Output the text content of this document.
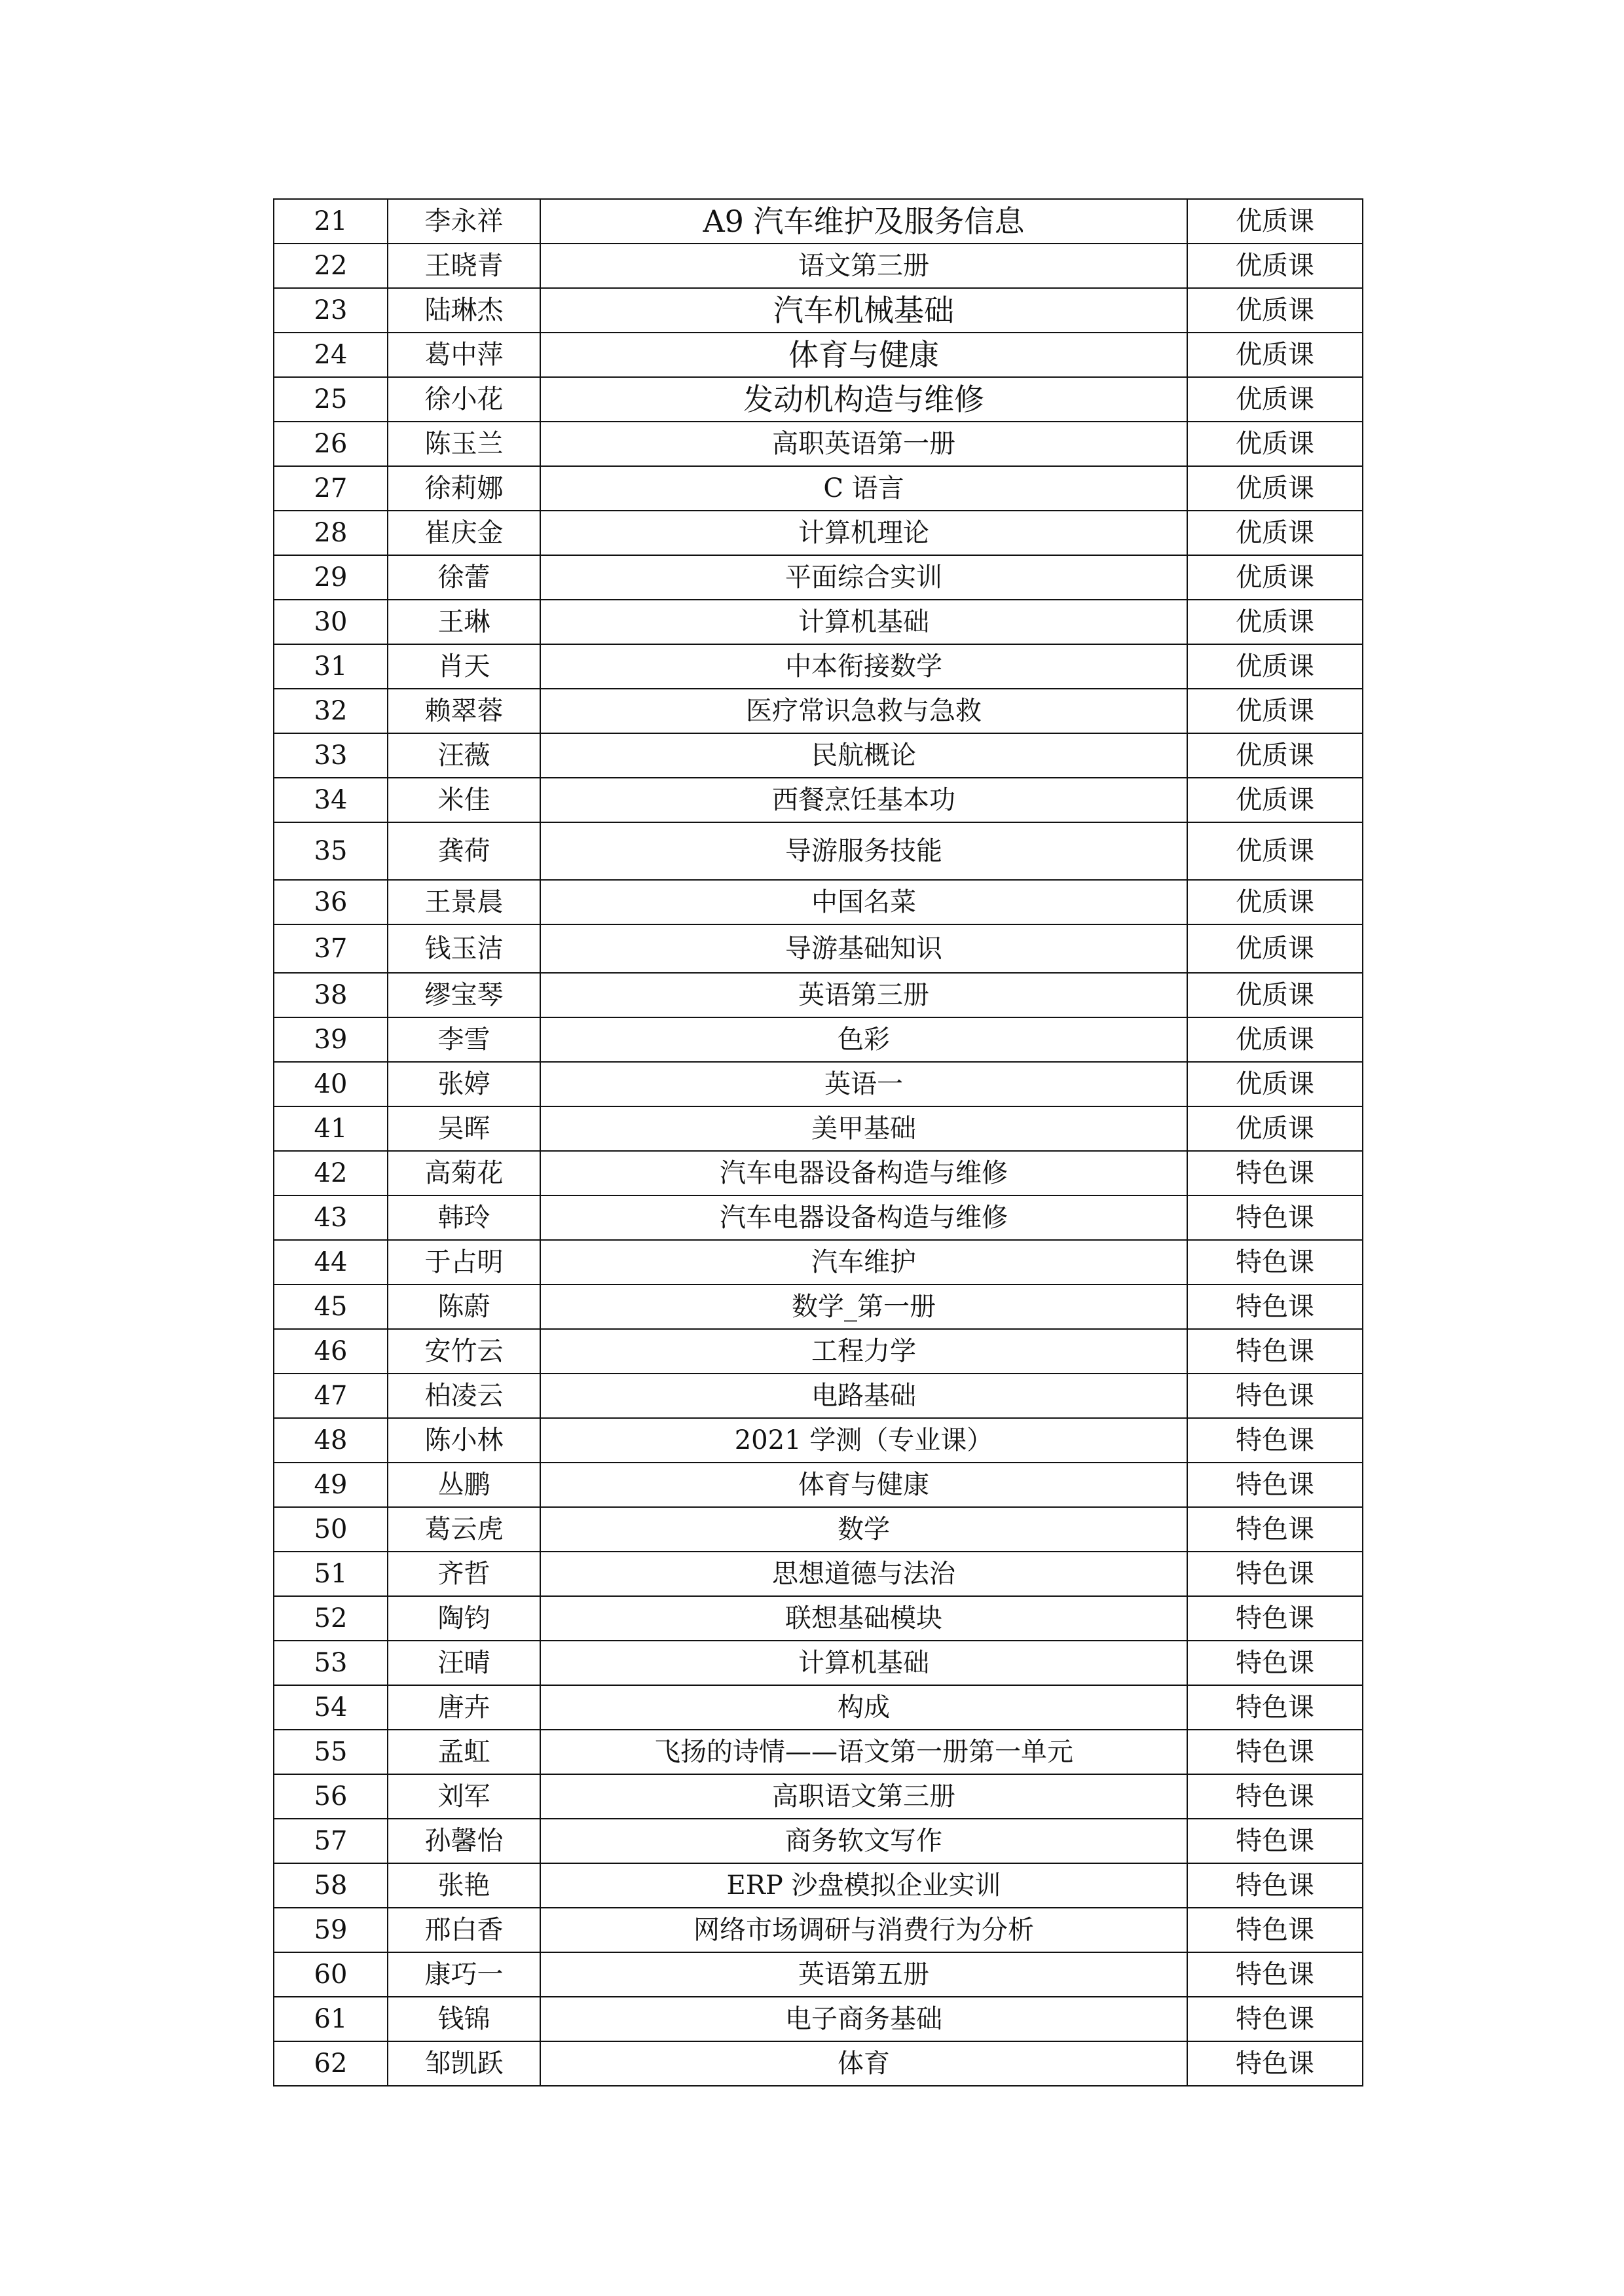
21	李永祥	A9 汽车维护及服务信息	优质课
22	王晓青	语文第三册	优质课
23	陆琳杰	汽车机械基础	优质课
24	葛中萍	体育与健康	优质课
25	徐小花	发动机构造与维修	优质课
26	陈玉兰	高职英语第一册	优质课
27	徐莉娜	C 语言	优质课
28	崔庆金	计算机理论	优质课
29	徐蕾	平面综合实训	优质课
30	王琳	计算机基础	优质课
31	肖天	中本衔接数学	优质课
32	赖翠蓉	医疗常识急救与急救	优质课
33	汪薇	民航概论	优质课
34	米佳	西餐烹饪基本功	优质课
35	龚荷	导游服务技能	优质课
36	王景晨	中国名菜	优质课
37	钱玉洁	导游基础知识	优质课
38	缪宝琴	英语第三册	优质课
39	李雪	色彩	优质课
40	张婷	英语一	优质课
41	吴晖	美甲基础	优质课
42	高菊花	汽车电器设备构造与维修	特色课
43	韩玲	汽车电器设备构造与维修	特色课
44	于占明	汽车维护	特色课
45	陈蔚	数学_第一册	特色课
46	安竹云	工程力学	特色课
47	柏凌云	电路基础	特色课
48	陈小林	2021 学测（专业课）	特色课
49	丛鹏	体育与健康	特色课
50	葛云虎	数学	特色课
51	齐哲	思想道德与法治	特色课
52	陶钧	联想基础模块	特色课
53	汪晴	计算机基础	特色课
54	唐卉	构成	特色课
55	孟虹	飞扬的诗情——语文第一册第一单元	特色课
56	刘军	高职语文第三册	特色课
57	孙馨怡	商务软文写作	特色课
58	张艳	ERP 沙盘模拟企业实训	特色课
59	邢白香	网络市场调研与消费行为分析	特色课
60	康巧一	英语第五册	特色课
61	钱锦	电子商务基础	特色课
62	邹凯跃	体育	特色课
